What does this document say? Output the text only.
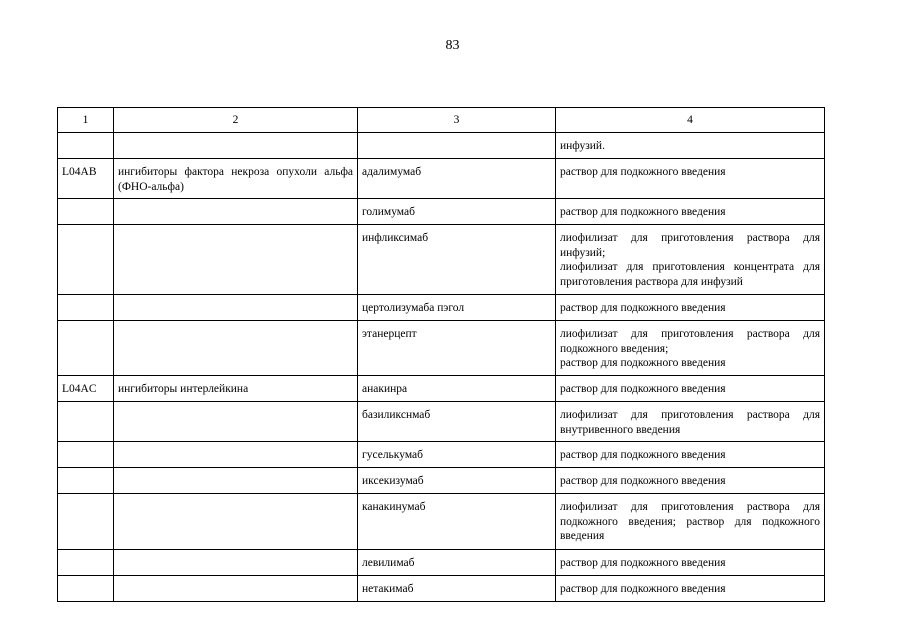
83
1	2	3	4
			инфузий.
L04AB	ингибиторы фактора некроза опухоли альфа (ФНО-альфа)	адалимумаб	раствор для подкожного введения
		голимумаб	раствор для подкожного введения
		инфликсимаб	лиофилизат для приготовления раствора для инфузий;
лиофилизат для приготовления концентрата для приготовления раствора для инфузий
		цертолизумаба пэгол	раствор для подкожного введения
		этанерцепт	лиофилизат для приготовления раствора для подкожного введения;
раствор для подкожного введения
L04AC	ингибиторы интерлейкина	анакинра	раствор для подкожного введения
		базиликснмаб	лиофилизат для приготовления раствора для внутривенного введения
		гуселькумаб	раствор для подкожного введения
		иксекизумаб	раствор для подкожного введения
		канакинумаб	лиофилизат для приготовления раствора для подкожного введения; раствор для подкожного введения
		левилимаб	раствор для подкожного введения
		нетакимаб	раствор для подкожного введения
